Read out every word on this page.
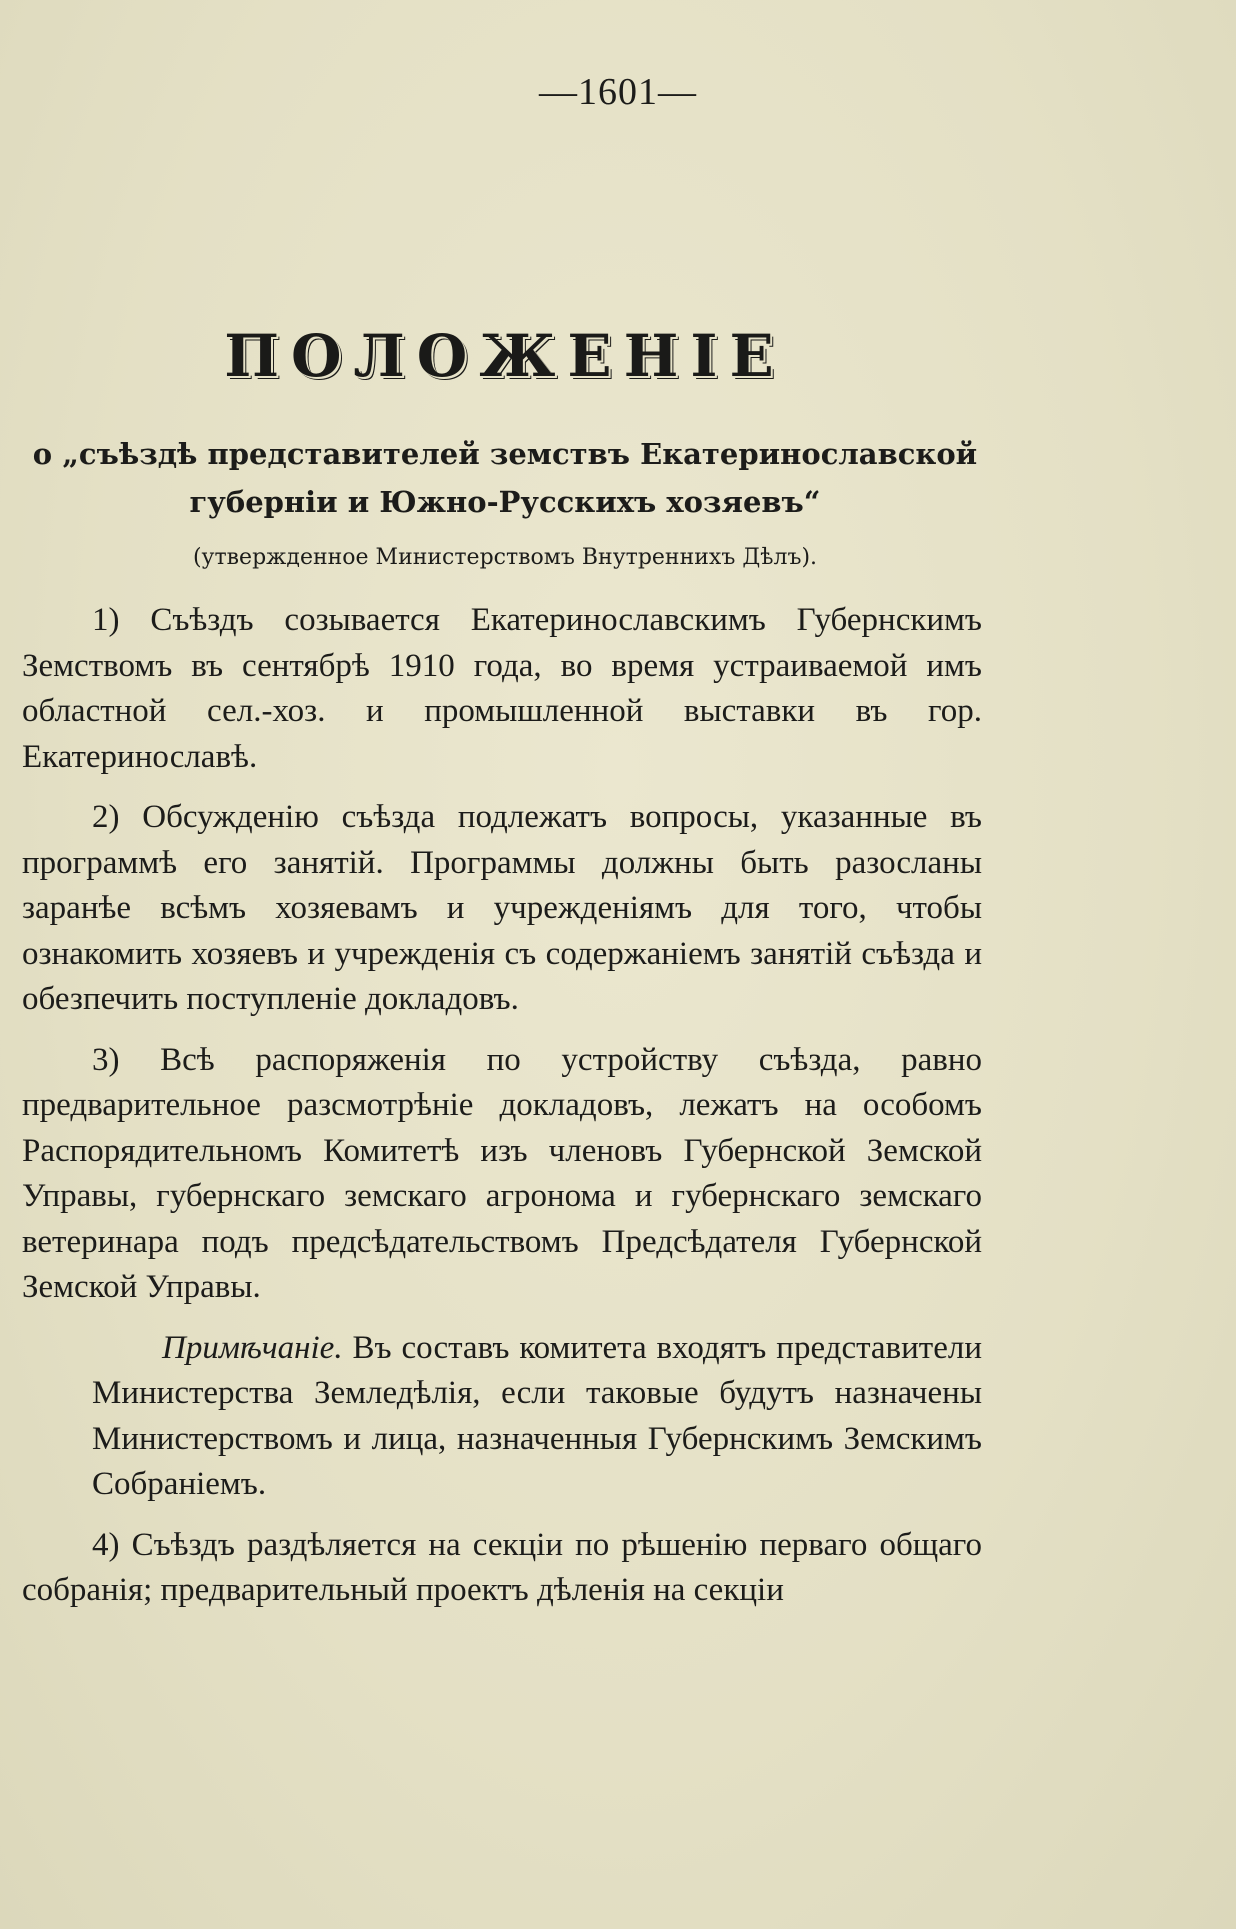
—1601—
ПОЛОЖЕНІЕ
о „съѣздѣ представителей земствъ Екатеринославской губерніи и Южно-Русскихъ хозяевъ“
(утвержденное Министерствомъ Внутреннихъ Дѣлъ).

1) Съѣздъ созывается Екатеринославскимъ Губернскимъ Земствомъ въ сентябрѣ 1910 года, во время устраиваемой имъ областной сел.-хоз. и промышленной выставки въ гор. Екатеринославѣ.

2) Обсужденію съѣзда подлежатъ вопросы, указанные въ программѣ его занятій. Программы должны быть разосланы заранѣе всѣмъ хозяевамъ и учрежденіямъ для того, чтобы ознакомить хозяевъ и учрежденія съ содержаніемъ занятій съѣзда и обезпечить поступленіе докладовъ.

3) Всѣ распоряженія по устройству съѣзда, равно предварительное разсмотрѣніе докладовъ, лежатъ на особомъ Распорядительномъ Комитетѣ изъ членовъ Губернской Земской Управы, губернскаго земскаго агронома и губернскаго земскаго ветеринара подъ предсѣдательствомъ Предсѣдателя Губернской Земской Управы.

Примѣчаніе. Въ составъ комитета входятъ представители Министерства Земледѣлія, если таковые будутъ назначены Министерствомъ и лица, назначенныя Губернскимъ Земскимъ Собраніемъ.

4) Съѣздъ раздѣляется на секціи по рѣшенію перваго общаго собранія; предварительный проектъ дѣленія на секціи
